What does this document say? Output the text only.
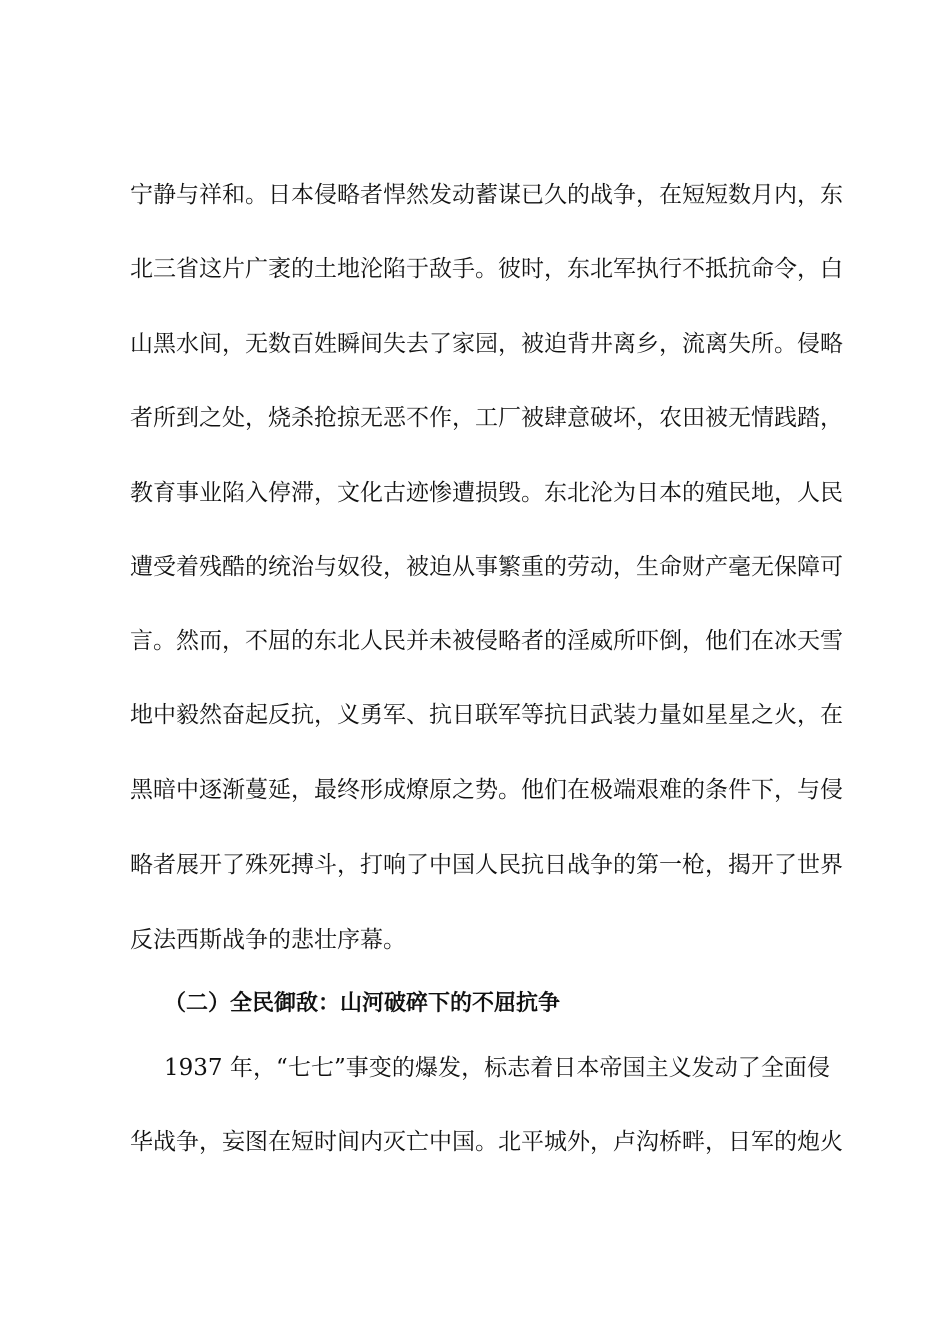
宁静与祥和。日本侵略者悍然发动蓄谋已久的战争，在短短数月内，东
北三省这片广袤的土地沦陷于敌手。彼时，东北军执行不抵抗命令，白
山黑水间，无数百姓瞬间失去了家园，被迫背井离乡，流离失所。侵略
者所到之处，烧杀抢掠无恶不作，工厂被肆意破坏，农田被无情践踏，
教育事业陷入停滞，文化古迹惨遭损毁。东北沦为日本的殖民地，人民
遭受着残酷的统治与奴役，被迫从事繁重的劳动，生命财产毫无保障可
言。然而，不屈的东北人民并未被侵略者的淫威所吓倒，他们在冰天雪
地中毅然奋起反抗，义勇军、抗日联军等抗日武装力量如星星之火，在
黑暗中逐渐蔓延，最终形成燎原之势。他们在极端艰难的条件下，与侵
略者展开了殊死搏斗，打响了中国人民抗日战争的第一枪，揭开了世界
反法西斯战争的悲壮序幕。
（二）全民御敌：山河破碎下的不屈抗争
1937 年，“七七”事变的爆发，标志着日本帝国主义发动了全面侵
华战争，妄图在短时间内灭亡中国。北平城外，卢沟桥畔，日军的炮火
